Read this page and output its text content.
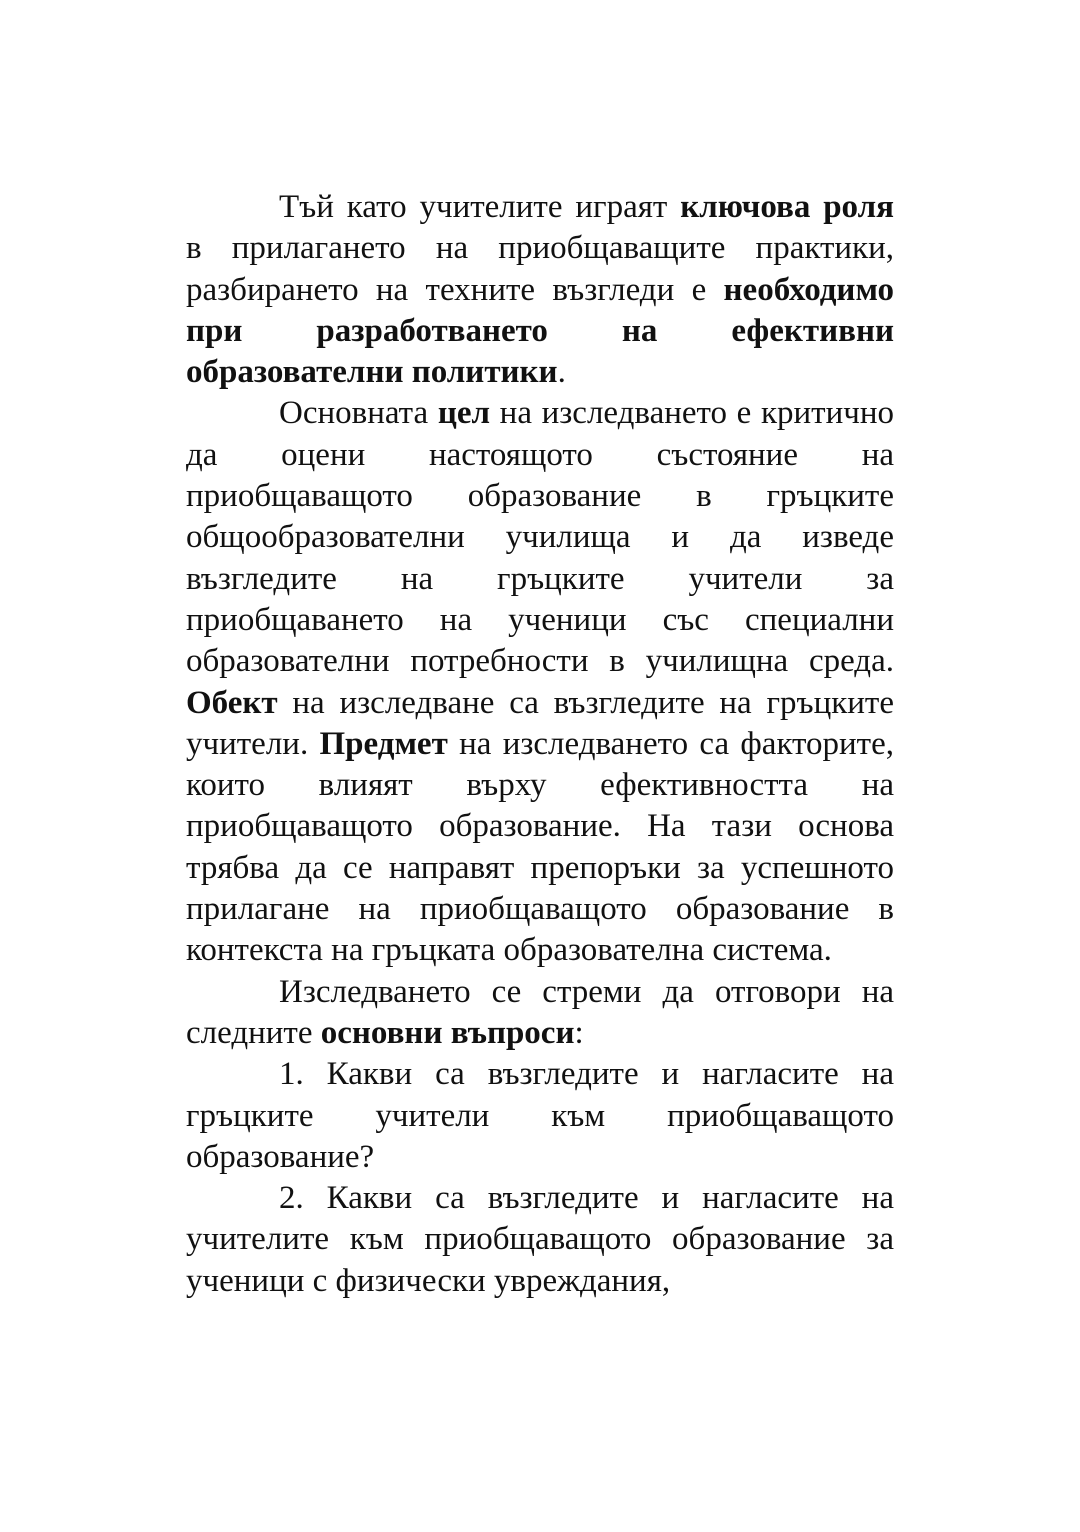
Тъй като учителите играят ключова роля в прилагането на приобщаващите практики, разбирането на техните възгледи е необходимо при разработването на ефективни образователни политики.

Основната цел на изследването е критично да оцени настоящото състояние на приобщаващото образование в гръцките общообразователни училища и да изведе възгледите на гръцките учители за приобщаването на ученици със специални образователни потребности в училищна среда. Обект на изследване са възгледите на гръцките учители. Предмет на изследването са факторите, които влияят върху ефективността на приобщаващото образование. На тази основа трябва да се направят препоръки за успешното прилагане на приобщаващото образование в контекста на гръцката образователна система.

Изследването се стреми да отговори на следните основни въпроси:

1. Какви са възгледите и нагласите на гръцките учители към приобщаващото образование?

2. Какви са възгледите и нагласите на учителите към приобщаващото образование за ученици с физически увреждания,
